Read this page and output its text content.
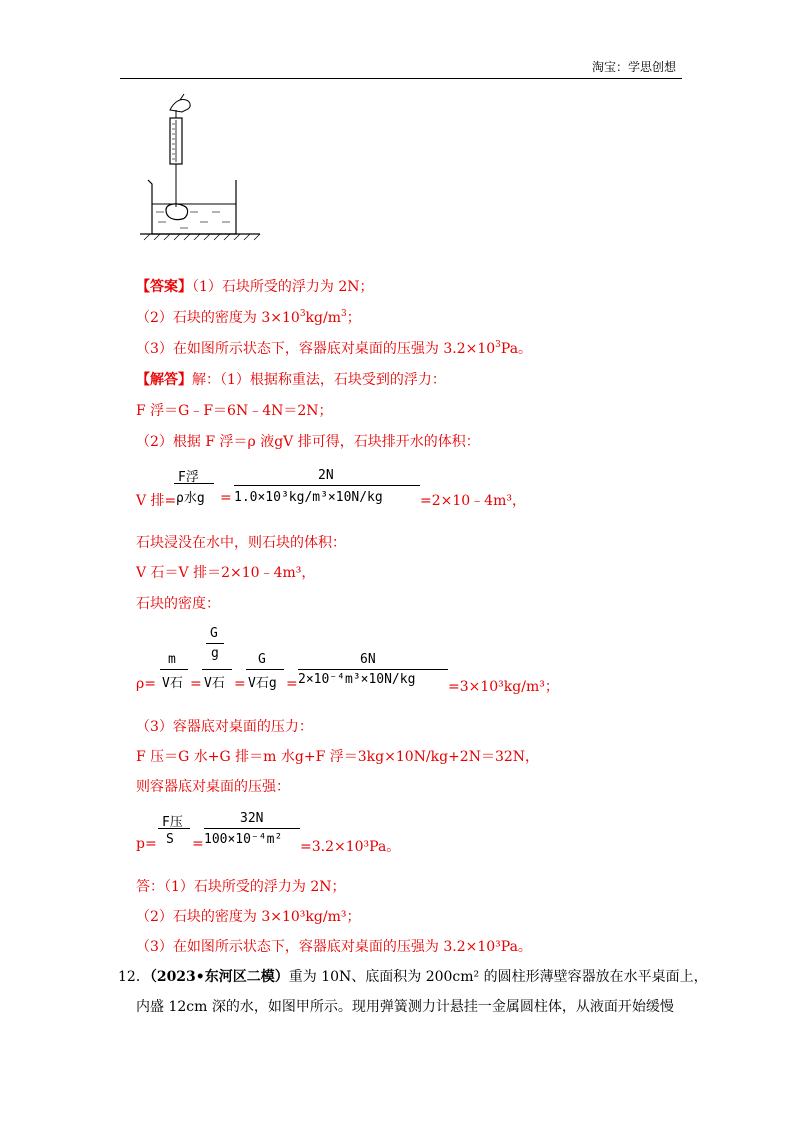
淘宝：学思创想
【答案】（1）石块所受的浮力为 2N；
（2）石块的密度为 $3\times 10^3kg/m^3$；
（3）在如图所示状态下，容器底对桌面的压强为 $3.2\times 10^3Pa$。
【解答】解：（1）根据称重法，石块受到的浮力：
F 浮＝G﹣F＝6N﹣4N＝2N；
（2）根据 F 浮＝ρ 液gV 排可得，石块排开水的体积：
V 排=
F浮
ρ水g =
2N
1.0×10³kg/m³×10N/kg	=2×10﹣4m³，
石块浸没在水中，则石块的体积：
V 石＝V 排＝2×10﹣4m³，
石块的密度：
ρ=
m
V石 =
G
g
V石 =
G
V石g =
6N
2×10⁻⁴m³×10N/kg =3×10³kg/m³；
（3）容器底对桌面的压力：
F 压＝G 水+G 排＝m 水g+F 浮＝3kg×10N/kg+2N＝32N，
则容器底对桌面的压强：
p=
F压
S =
32N
100×10⁻⁴m² =3.2×10³Pa。
答：（1）石块所受的浮力为 2N；
（2）石块的密度为 3×10³kg/m³；
（3）在如图所示状态下，容器底对桌面的压强为 3.2×10³Pa。
12．（2023•东河区二模）重为 10N、底面积为 200cm² 的圆柱形薄壁容器放在水平桌面上，
内盛 12cm 深的水，如图甲所示。现用弹簧测力计悬挂一金属圆柱体，从液面开始缓慢
